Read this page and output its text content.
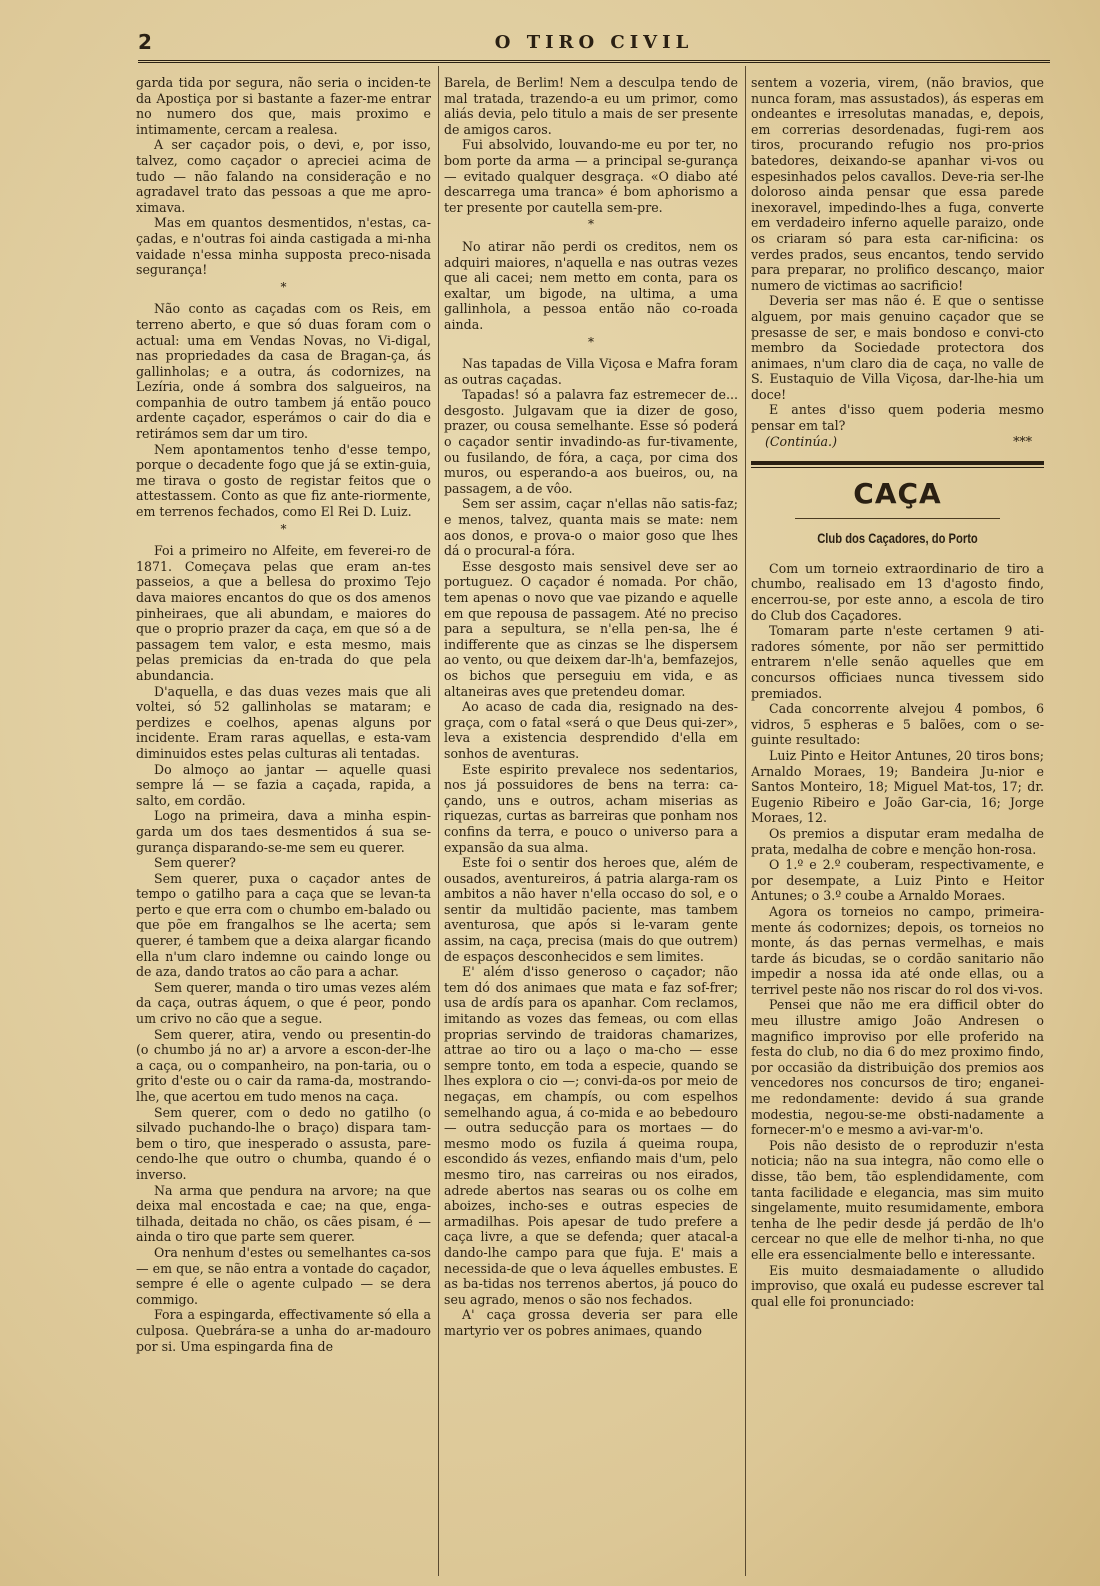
2	O TIRO CIVIL

garda tida por segura, não seria o inciden-te da Apostiça por si bastante a fazer-me entrar no numero dos que, mais proximo e intimamente, cercam a realesa.

A ser caçador pois, o devi, e, por isso, talvez, como caçador o apreciei acima de tudo — não falando na consideração e no agradavel trato das pessoas a que me apro-ximava.

Mas em quantos desmentidos, n'estas, ca-çadas, e n'outras foi ainda castigada a mi-nha vaidade n'essa minha supposta preco-nisada segurança!

*

Não conto as caçadas com os Reis, em terreno aberto, e que só duas foram com o actual: uma em Vendas Novas, no Vi-digal, nas propriedades da casa de Bragan-ça, ás gallinholas; e a outra, ás codornizes, na Lezíria, onde á sombra dos salgueiros, na companhia de outro tambem já então pouco ardente caçador, esperámos o cair do dia e retirámos sem dar um tiro.

Nem apontamentos tenho d'esse tempo, porque o decadente fogo que já se extin-guia, me tirava o gosto de registar feitos que o attestassem. Conto as que fiz ante-riormente, em terrenos fechados, como El Rei D. Luiz.

*

Foi a primeiro no Alfeite, em feverei-ro de 1871. Começava pelas que eram an-tes passeios, a que a bellesa do proximo Tejo dava maiores encantos do que os dos amenos pinheiraes, que ali abundam, e maiores do que o proprio prazer da caça, em que só a de passagem tem valor, e esta mesmo, mais pelas premicias da en-trada do que pela abundancia.

D'aquella, e das duas vezes mais que ali voltei, só 52 gallinholas se mataram; e perdizes e coelhos, apenas alguns por incidente. Eram raras aquellas, e esta-vam diminuidos estes pelas culturas ali tentadas.

Do almoço ao jantar — aquelle quasi sempre lá — se fazia a caçada, rapida, a salto, em cordão.

Logo na primeira, dava a minha espin-garda um dos taes desmentidos á sua se-gurança disparando-se-me sem eu querer.

Sem querer?

Sem querer, puxa o caçador antes de tempo o gatilho para a caça que se levan-ta perto e que erra com o chumbo em-balado ou que põe em frangalhos se lhe acerta; sem querer, é tambem que a deixa alargar ficando ella n'um claro indemne ou caindo longe ou de aza, dando tratos ao cão para a achar.

Sem querer, manda o tiro umas vezes além da caça, outras áquem, o que é peor, pondo um crivo no cão que a segue.

Sem querer, atira, vendo ou presentin-do (o chumbo já no ar) a arvore a escon-der-lhe a caça, ou o companheiro, na pon-taria, ou o grito d'este ou o cair da rama-da, mostrando-lhe, que acertou em tudo menos na caça.

Sem querer, com o dedo no gatilho (o silvado puchando-lhe o braço) dispara tam-bem o tiro, que inesperado o assusta, pare-cendo-lhe que outro o chumba, quando é o inverso.

Na arma que pendura na arvore; na que deixa mal encostada e cae; na que, enga-tilhada, deitada no chão, os cães pisam, é — ainda o tiro que parte sem querer.

Ora nenhum d'estes ou semelhantes ca-sos — em que, se não entra a vontade do caçador, sempre é elle o agente culpado — se dera commigo.

Fora a espingarda, effectivamente só ella a culposa. Quebrára-se a unha do ar-madouro por si. Uma espingarda fina de

Barela, de Berlim! Nem a desculpa tendo de mal tratada, trazendo-a eu um primor, como aliás devia, pelo titulo a mais de ser presente de amigos caros.

Fui absolvido, louvando-me eu por ter, no bom porte da arma — a principal se-gurança — evitado qualquer desgraça. «O diabo até descarrega uma tranca» é bom aphorismo a ter presente por cautella sem-pre.

*

No atirar não perdi os creditos, nem os adquiri maiores, n'aquella e nas outras vezes que ali cacei; nem metto em conta, para os exaltar, um bigode, na ultima, a uma gallinhola, a pessoa então não co-roada ainda.

*

Nas tapadas de Villa Viçosa e Mafra foram as outras caçadas.

Tapadas! só a palavra faz estremecer de... desgosto. Julgavam que ia dizer de goso, prazer, ou cousa semelhante. Esse só poderá o caçador sentir invadindo-as fur-tivamente, ou fusilando, de fóra, a caça, por cima dos muros, ou esperando-a aos bueiros, ou, na passagem, a de vôo.

Sem ser assim, caçar n'ellas não satis-faz; e menos, talvez, quanta mais se mate: nem aos donos, e prova-o o maior goso que lhes dá o procural-a fóra.

Esse desgosto mais sensivel deve ser ao portuguez. O caçador é nomada. Por chão, tem apenas o novo que vae pizando e aquelle em que repousa de passagem. Até no preciso para a sepultura, se n'ella pen-sa, lhe é indifferente que as cinzas se lhe dispersem ao vento, ou que deixem dar-lh'a, bemfazejos, os bichos que perseguiu em vida, e as altaneiras aves que pretendeu domar.

Ao acaso de cada dia, resignado na des-graça, com o fatal «será o que Deus qui-zer», leva a existencia desprendido d'ella em sonhos de aventuras.

Este espirito prevalece nos sedentarios, nos já possuidores de bens na terra: ca-çando, uns e outros, acham miserias as riquezas, curtas as barreiras que ponham nos confins da terra, e pouco o universo para a expansão da sua alma.

Este foi o sentir dos heroes que, além de ousados, aventureiros, á patria alarga-ram os ambitos a não haver n'ella occaso do sol, e o sentir da multidão paciente, mas tambem aventurosa, que após si le-varam gente assim, na caça, precisa (mais do que outrem) de espaços desconhecidos e sem limites.

E' além d'isso generoso o caçador; não tem dó dos animaes que mata e faz sof-frer; usa de ardís para os apanhar. Com reclamos, imitando as vozes das femeas, ou com ellas proprias servindo de traidoras chamarizes, attrae ao tiro ou a laço o ma-cho — esse sempre tonto, em toda a especie, quando se lhes explora o cio —; convi-da-os por meio de negaças, em champís, ou com espelhos semelhando agua, á co-mida e ao bebedouro — outra seducção para os mortaes — do mesmo modo os fuzila á queima roupa, escondido ás vezes, enfiando mais d'um, pelo mesmo tiro, nas carreiras ou nos eirados, adrede abertos nas searas ou os colhe em aboizes, incho-ses e outras especies de armadilhas. Pois apesar de tudo prefere a caça livre, a que se defenda; quer atacal-a dando-lhe campo para que fuja. E' mais a necessida-de que o leva áquelles embustes. E as ba-tidas nos terrenos abertos, já pouco do seu agrado, menos o são nos fechados.

A' caça grossa deveria ser para elle martyrio ver os pobres animaes, quando

sentem a vozeria, virem, (não bravios, que nunca foram, mas assustados), ás esperas em ondeantes e irresolutas manadas, e, depois, em correrias desordenadas, fugi-rem aos tiros, procurando refugio nos pro-prios batedores, deixando-se apanhar vi-vos ou espesinhados pelos cavallos. Deve-ria ser-lhe doloroso ainda pensar que essa parede inexoravel, impedindo-lhes a fuga, converte em verdadeiro inferno aquelle paraizo, onde os criaram só para esta car-nificina: os verdes prados, seus encantos, tendo servido para preparar, no prolifico descanço, maior numero de victimas ao sacrificio!

Deveria ser mas não é. E que o sentisse alguem, por mais genuino caçador que se presasse de ser, e mais bondoso e convi-cto membro da Sociedade protectora dos animaes, n'um claro dia de caça, no valle de S. Eustaquio de Villa Viçosa, dar-lhe-hia um doce!

E antes d'isso quem poderia mesmo pensar em tal?

(Continúa.)	***

CAÇA
Club dos Caçadores, do Porto

Com um torneio extraordinario de tiro a chumbo, realisado em 13 d'agosto findo, encerrou-se, por este anno, a escola de tiro do Club dos Caçadores.

Tomaram parte n'este certamen 9 ati-radores sómente, por não ser permittido entrarem n'elle senão aquelles que em concursos officiaes nunca tivessem sido premiados.

Cada concorrente alvejou 4 pombos, 6 vidros, 5 espheras e 5 balões, com o se-guinte resultado:

Luiz Pinto e Heitor Antunes, 20 tiros bons; Arnaldo Moraes, 19; Bandeira Ju-nior e Santos Monteiro, 18; Miguel Mat-tos, 17; dr. Eugenio Ribeiro e João Gar-cia, 16; Jorge Moraes, 12.

Os premios a disputar eram medalha de prata, medalha de cobre e menção hon-rosa.

O 1.º e 2.º couberam, respectivamente, e por desempate, a Luiz Pinto e Heitor Antunes; o 3.º coube a Arnaldo Moraes.

Agora os torneios no campo, primeira-mente ás codornizes; depois, os torneios no monte, ás das pernas vermelhas, e mais tarde ás bicudas, se o cordão sanitario não impedir a nossa ida até onde ellas, ou a terrivel peste não nos riscar do rol dos vi-vos.

Pensei que não me era difficil obter do meu illustre amigo João Andresen o magnifico improviso por elle proferido na festa do club, no dia 6 do mez proximo findo, por occasião da distribuição dos premios aos vencedores nos concursos de tiro; enganei-me redondamente: devido á sua grande modestia, negou-se-me obsti-nadamente a fornecer-m'o e mesmo a avi-var-m'o.

Pois não desisto de o reproduzir n'esta noticia; não na sua integra, não como elle o disse, tão bem, tão esplendidamente, com tanta facilidade e elegancia, mas sim muito singelamente, muito resumidamente, embora tenha de lhe pedir desde já perdão de lh'o cercear no que elle de melhor ti-nha, no que elle era essencialmente bello e interessante.

Eis muito desmaiadamente o alludido improviso, que oxalá eu pudesse escrever tal qual elle foi pronunciado:
